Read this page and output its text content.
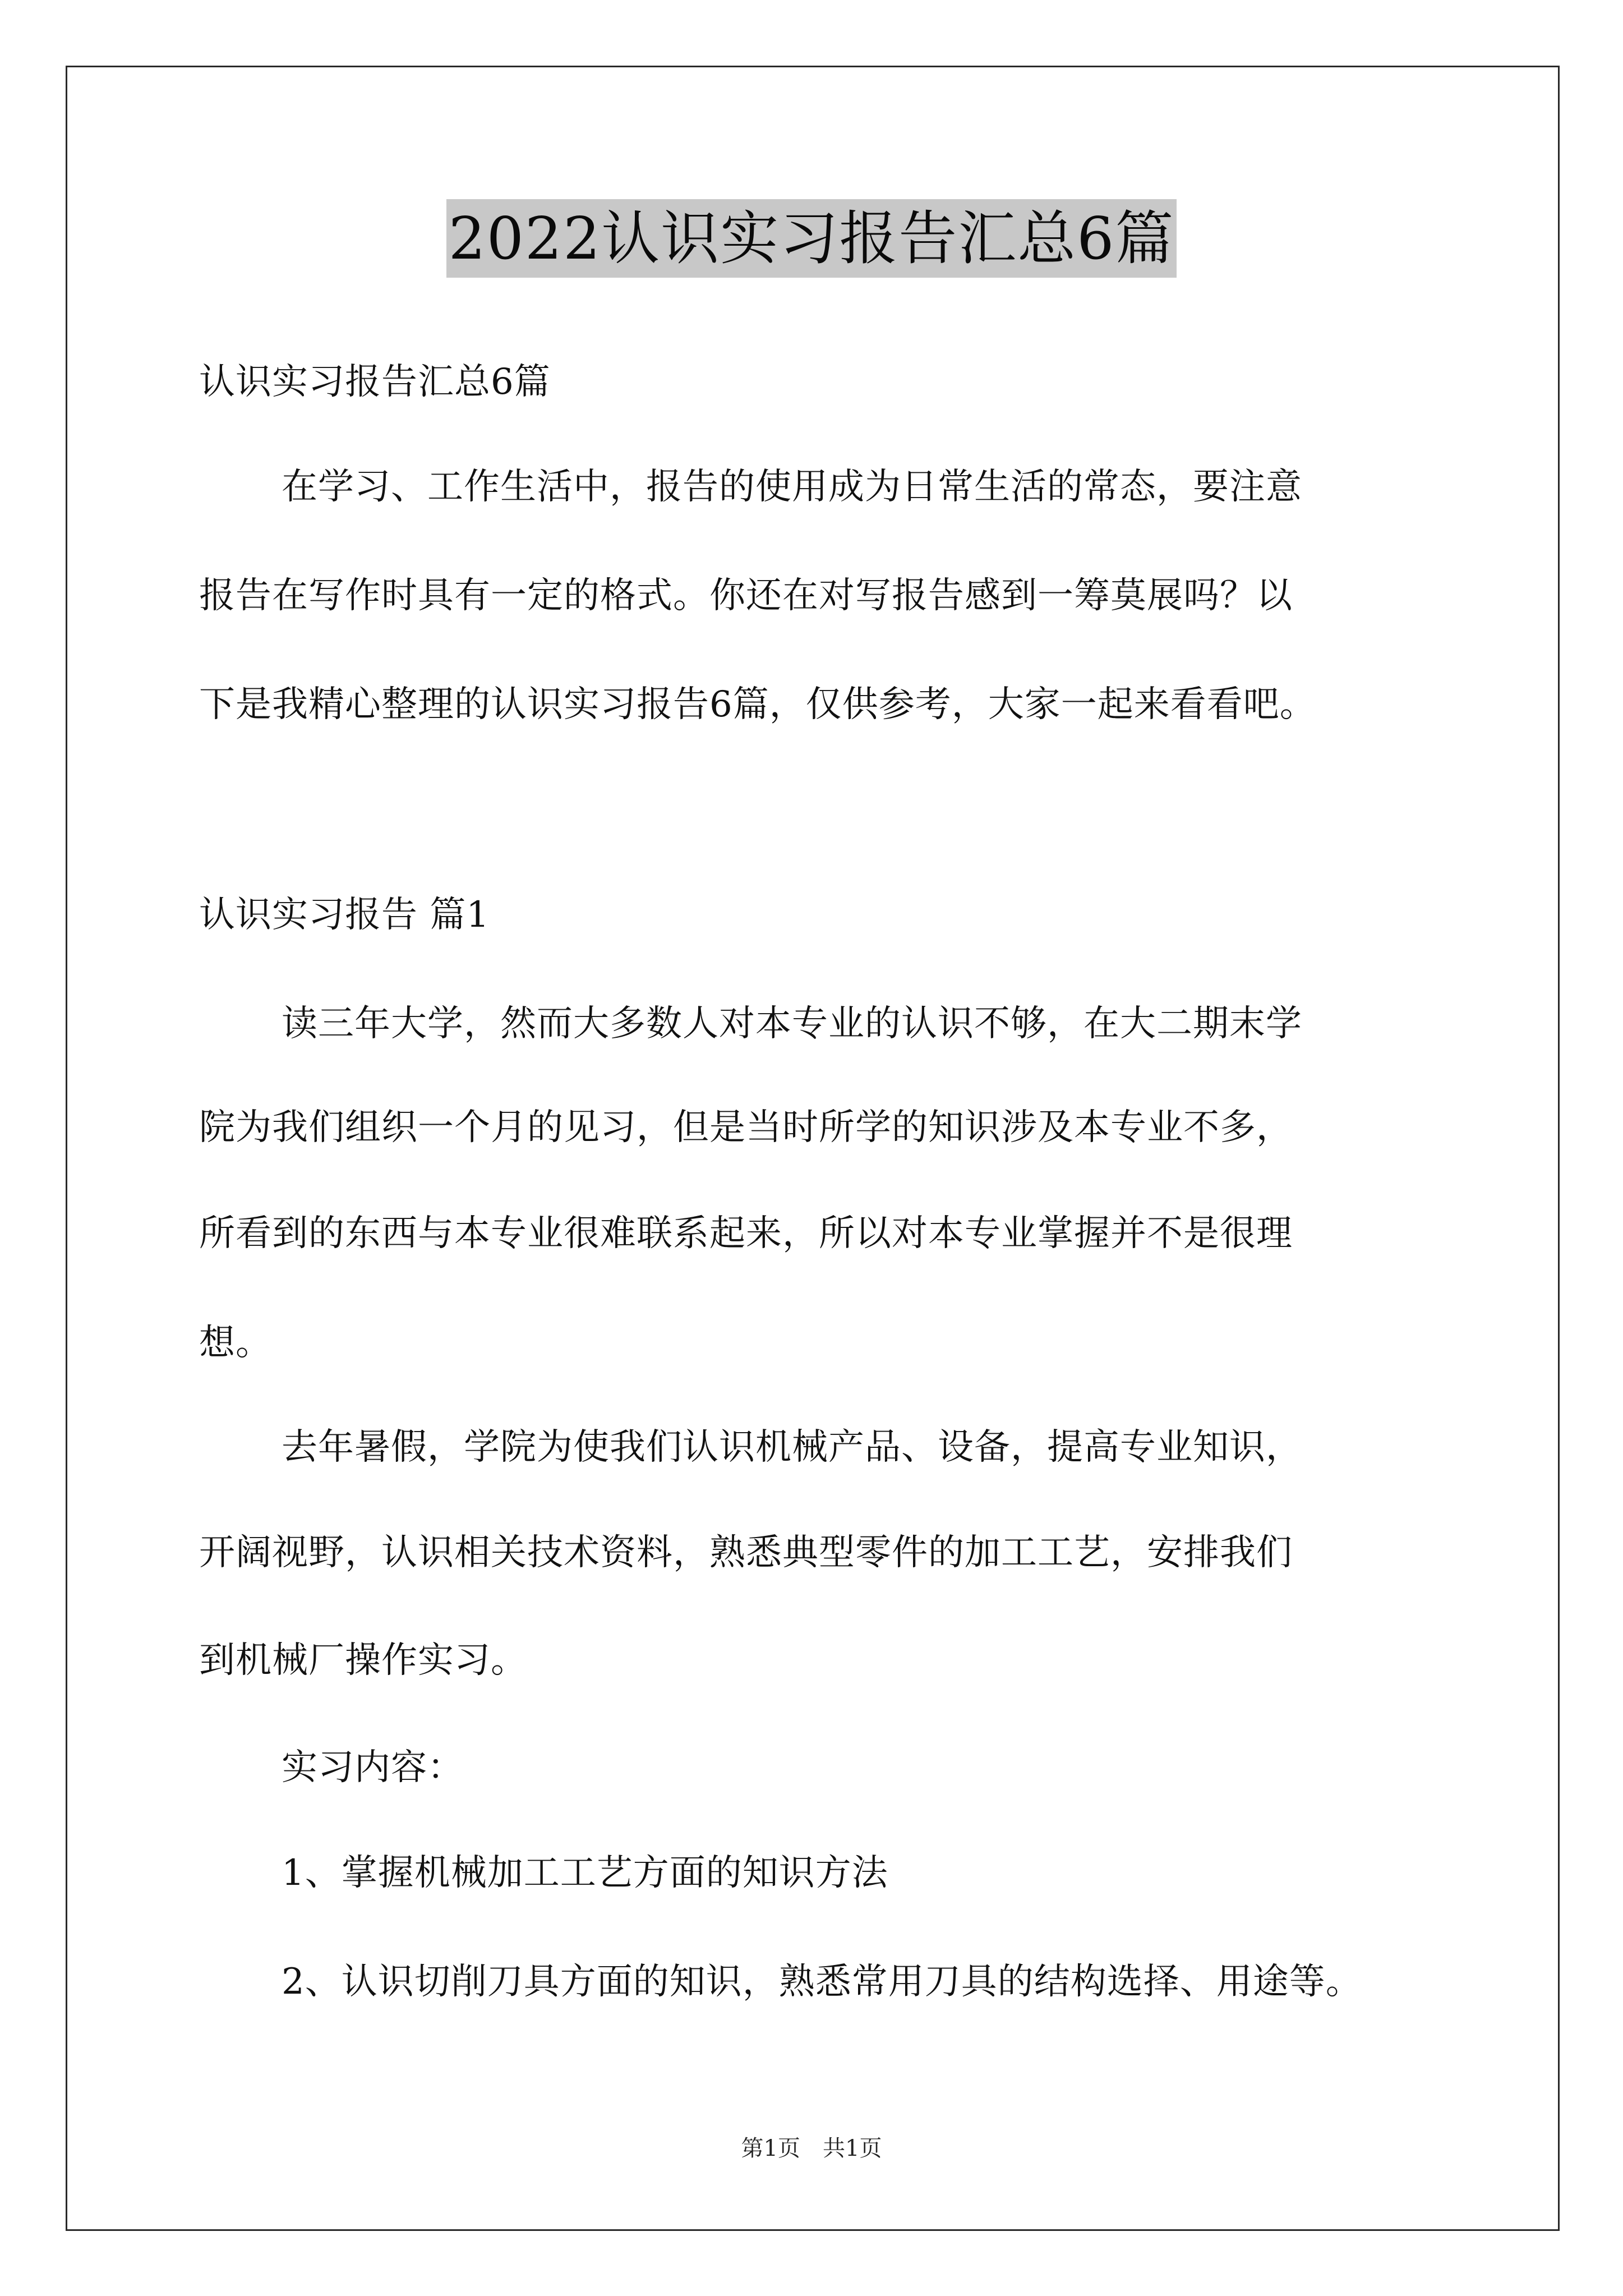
2022认识实习报告汇总6篇
认识实习报告汇总6篇
在学习、工作生活中，报告的使用成为日常生活的常态，要注意
报告在写作时具有一定的格式。你还在对写报告感到一筹莫展吗？以
下是我精心整理的认识实习报告6篇，仅供参考，大家一起来看看吧。
认识实习报告 篇1
读三年大学，然而大多数人对本专业的认识不够，在大二期末学
院为我们组织一个月的见习，但是当时所学的知识涉及本专业不多，
所看到的东西与本专业很难联系起来，所以对本专业掌握并不是很理
想。
去年暑假，学院为使我们认识机械产品、设备，提高专业知识，
开阔视野，认识相关技术资料，熟悉典型零件的加工工艺，安排我们
到机械厂操作实习。
实习内容：
1、掌握机械加工工艺方面的知识方法
2、认识切削刀具方面的知识，熟悉常用刀具的结构选择、用途等。
第1页　共1页
